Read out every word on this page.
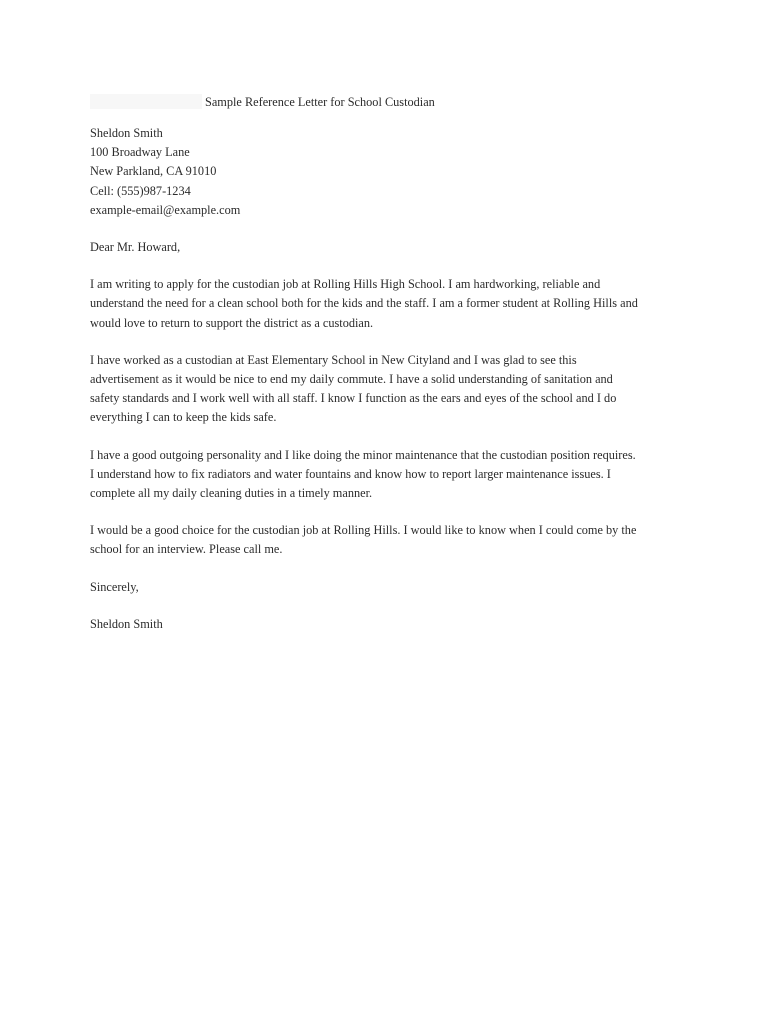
Sample Reference Letter for School Custodian
Sheldon Smith
100 Broadway Lane
New Parkland, CA 91010
Cell: (555)987-1234
example-email@example.com
Dear Mr. Howard,
I am writing to apply for the custodian job at Rolling Hills High School. I am hardworking, reliable and
understand the need for a clean school both for the kids and the staff. I am a former student at Rolling Hills and
would love to return to support the district as a custodian.
I have worked as a custodian at East Elementary School in New Cityland and I was glad to see this
advertisement as it would be nice to end my daily commute. I have a solid understanding of sanitation and
safety standards and I work well with all staff. I know I function as the ears and eyes of the school and I do
everything I can to keep the kids safe.
I have a good outgoing personality and I like doing the minor maintenance that the custodian position requires.
I understand how to fix radiators and water fountains and know how to report larger maintenance issues. I
complete all my daily cleaning duties in a timely manner.
I would be a good choice for the custodian job at Rolling Hills. I would like to know when I could come by the
school for an interview. Please call me.
Sincerely,
Sheldon Smith
